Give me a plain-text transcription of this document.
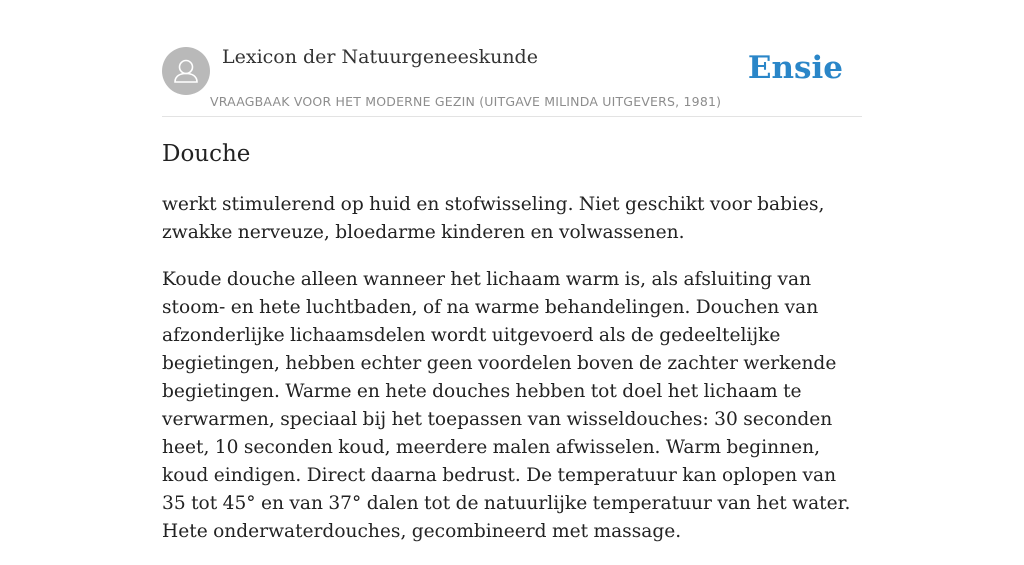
Lexicon der Natuurgeneeskunde
VRAAGBAAK VOOR HET MODERNE GEZIN (UITGAVE MILINDA UITGEVERS, 1981)
Ensie
Douche

werkt stimulerend op huid en stofwisseling. Niet geschikt voor babies, zwakke nerveuze, bloedarme kinderen en volwassenen.

Koude douche alleen wanneer het lichaam warm is, als afsluiting van stoom- en hete luchtbaden, of na warme behandelingen. Douchen van afzonderlijke lichaamsdelen wordt uitgevoerd als de gedeeltelijke begietingen, hebben echter geen voordelen boven de zachter werkende begietingen. Warme en hete douches hebben tot doel het lichaam te verwarmen, speciaal bij het toepassen van wisseldouches: 30 seconden heet, 10 seconden koud, meerdere malen afwisselen. Warm beginnen, koud eindigen. Direct daarna bedrust. De temperatuur kan oplopen van 35 tot 45° en van 37° dalen tot de natuurlijke temperatuur van het water. Hete onderwaterdouches, gecombineerd met massage.
